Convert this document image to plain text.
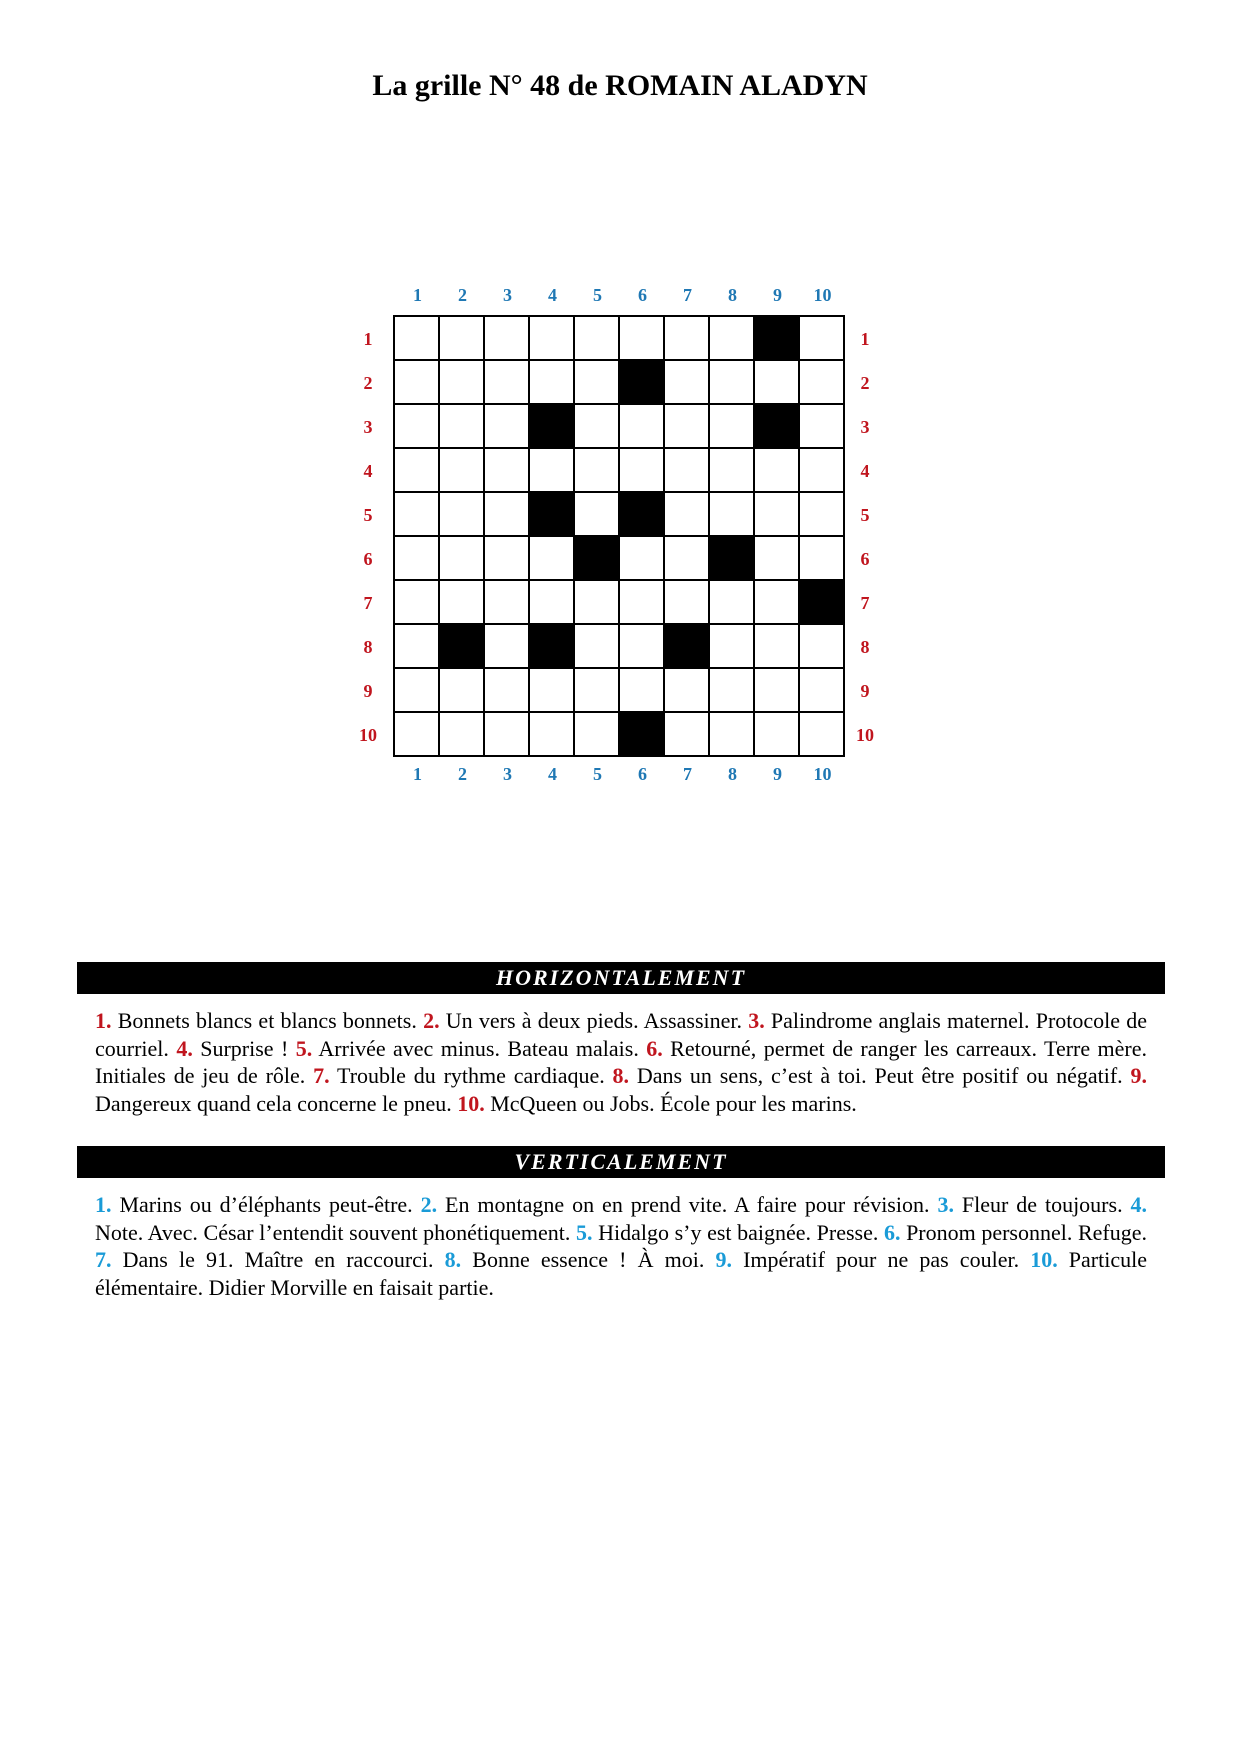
La grille N° 48 de ROMAIN ALADYN
1
1
2
2
3
3
4
4
5
5
6
6
7
7
8
8
9
9
10
10
1	1
2	2
3	3
4	4
5	5
6	6
7	7
8	8
9	9
10	10
HORIZONTALEMENT
1. Bonnets blancs et blancs bonnets. 2. Un vers à deux pieds. Assassiner. 3. Palindrome anglais maternel. Protocole de courriel. 4. Surprise ! 5. Arrivée avec minus. Bateau malais. 6. Retourné, permet de ranger les carreaux. Terre mère. Initiales de jeu de rôle. 7. Trouble du rythme cardiaque. 8. Dans un sens, c’est à toi. Peut être positif ou négatif. 9. Dangereux quand cela concerne le pneu. 10. McQueen ou Jobs. École pour les marins.
VERTICALEMENT
1. Marins ou d’éléphants peut-être. 2. En montagne on en prend vite. A faire pour révision. 3. Fleur de toujours. 4. Note. Avec. César l’entendit souvent phonétiquement. 5. Hidalgo s’y est baignée. Presse. 6. Pronom personnel. Refuge. 7. Dans le 91. Maître en raccourci. 8. Bonne essence ! À moi. 9. Impératif pour ne pas couler. 10. Particule élémentaire. Didier Morville en faisait partie.
